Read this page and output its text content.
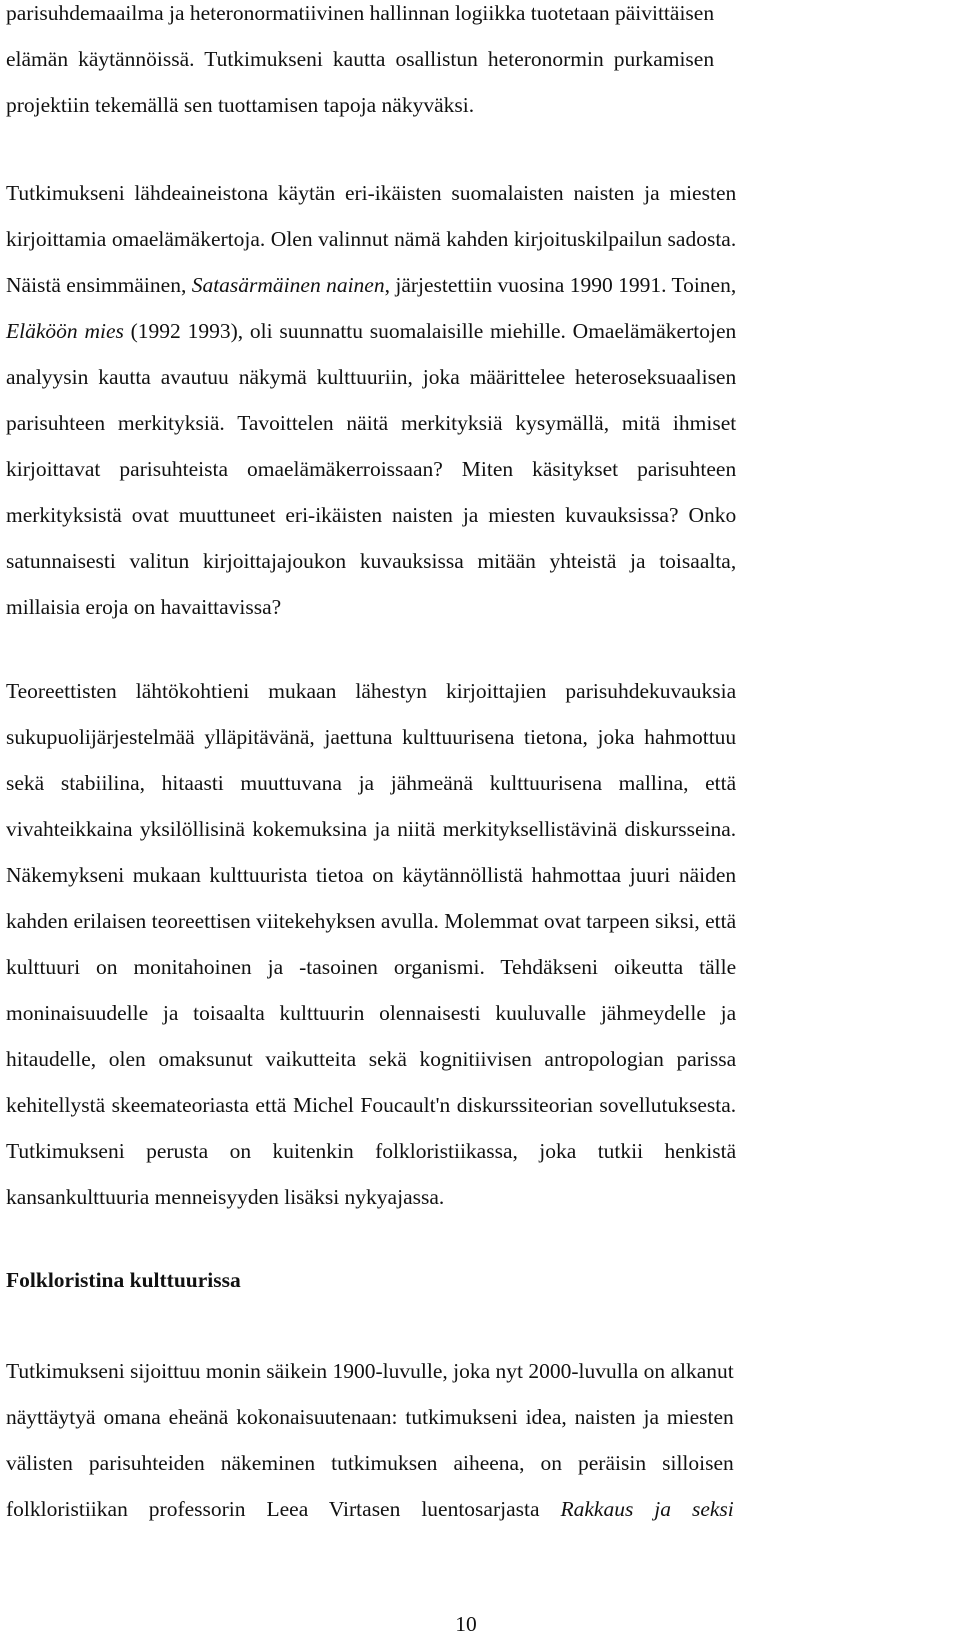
parisuhdemaailma ja heteronormatiivinen hallinnan logiikka tuotetaan päivittäisen
elämän käytännöissä. Tutkimukseni kautta osallistun heteronormin purkamisen
projektiin tekemällä sen tuottamisen tapoja näkyväksi.
Tutkimukseni lähdeaineistona käytän eri-ikäisten suomalaisten naisten ja miesten
kirjoittamia omaelämäkertoja. Olen valinnut nämä kahden kirjoituskilpailun sadosta.
Näistä ensimmäinen, Satasärmäinen nainen, järjestettiin vuosina 1990 1991. Toinen,
Eläköön mies (1992 1993), oli suunnattu suomalaisille miehille. Omaelämäkertojen
analyysin kautta avautuu näkymä kulttuuriin, joka määrittelee heteroseksuaalisen
parisuhteen merkityksiä. Tavoittelen näitä merkityksiä kysymällä, mitä ihmiset
kirjoittavat parisuhteista omaelämäkerroissaan? Miten käsitykset parisuhteen
merkityksistä ovat muuttuneet eri-ikäisten naisten ja miesten kuvauksissa? Onko
satunnaisesti valitun kirjoittajajoukon kuvauksissa mitään yhteistä ja toisaalta,
millaisia eroja on havaittavissa?
Teoreettisten lähtökohtieni mukaan lähestyn kirjoittajien parisuhdekuvauksia
sukupuolijärjestelmää ylläpitävänä, jaettuna kulttuurisena tietona, joka hahmottuu
sekä stabiilina, hitaasti muuttuvana ja jähmeänä kulttuurisena mallina, että
vivahteikkaina yksilöllisinä kokemuksina ja niitä merkityksellistävinä diskursseina.
Näkemykseni mukaan kulttuurista tietoa on käytännöllistä hahmottaa juuri näiden
kahden erilaisen teoreettisen viitekehyksen avulla. Molemmat ovat tarpeen siksi, että
kulttuuri on monitahoinen ja -tasoinen organismi. Tehdäkseni oikeutta tälle
moninaisuudelle ja toisaalta kulttuurin olennaisesti kuuluvalle jähmeydelle ja
hitaudelle, olen omaksunut vaikutteita sekä kognitiivisen antropologian parissa
kehitellystä skeemateoriasta että Michel Foucault'n diskurssiteorian sovellutuksesta.
Tutkimukseni perusta on kuitenkin folkloristiikassa, joka tutkii henkistä
kansankulttuuria menneisyyden lisäksi nykyajassa.
Folkloristina kulttuurissa
Tutkimukseni sijoittuu monin säikein 1900-luvulle, joka nyt 2000-luvulla on alkanut
näyttäytyä omana eheänä kokonaisuutenaan: tutkimukseni idea, naisten ja miesten
välisten parisuhteiden näkeminen tutkimuksen aiheena, on peräisin silloisen
folkloristiikan professorin Leea Virtasen luentosarjasta Rakkaus ja seksi
10
